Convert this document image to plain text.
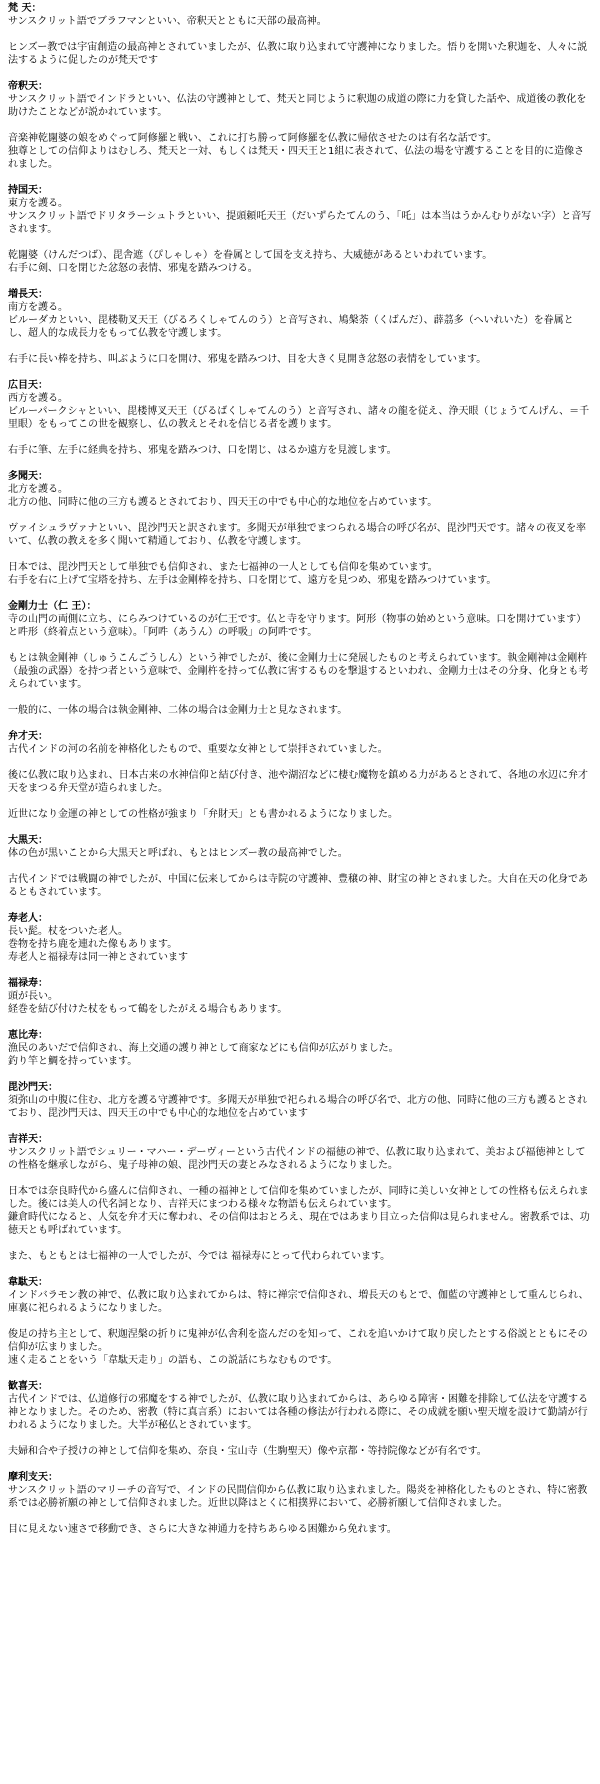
梵 天：
サンスクリット語でブラフマンといい、帝釈天とともに天部の最高神。
ヒンズー教では宇宙創造の最高神とされていましたが、仏教に取り込まれて守護神になりました。悟りを開いた釈迦を、人々に説法するように促したのが梵天です
帝釈天：
サンスクリット語でインドラといい、仏法の守護神として、梵天と同じように釈迦の成道の際に力を貸した話や、成道後の教化を助けたことなどが説かれています。
音楽神乾闥婆の娘をめぐって阿修羅と戦い、これに打ち勝って阿修羅を仏教に帰依させたのは有名な話です。
独尊としての信仰よりはむしろ、梵天と一対、もしくは梵天・四天王と1組に表されて、仏法の場を守護することを目的に造像されました。
持国天：
東方を護る。
サンスクリット語でドリタラーシュトラといい、提頭頼吒天王（だいずらたてんのう、「吒」は本当はうかんむりがない字）と音写されます。
乾闥婆（けんだつば）、毘舎遮（ぴしゃしゃ）を眷属として国を支え持ち、大威徳があるといわれています。
右手に剣、口を閉じた忿怒の表情、邪鬼を踏みつける。
増長天：
南方を護る。
ビルーダカといい、毘楼勒叉天王（びるろくしゃてんのう）と音写され、鳩槃荼（くばんだ）、薜茘多（へいれいた）を眷属とし、超人的な成長力をもって仏教を守護します。
右手に長い棒を持ち、叫ぶように口を開け、邪鬼を踏みつけ、目を大きく見開き忿怒の表情をしています。
広目天：
西方を護る。
ビルーパークシャといい、毘楼博叉天王（びるばくしゃてんのう）と音写され、諸々の龍を従え、浄天眼（じょうてんげん、＝千里眼）をもってこの世を観察し、仏の教えとそれを信じる者を護ります。
右手に筆、左手に経典を持ち、邪鬼を踏みつけ、口を閉じ、はるか遠方を見渡します。
多聞天：
北方を護る。
北方の他、同時に他の三方も護るとされており、四天王の中でも中心的な地位を占めています。
ヴァイシュラヴァナといい、毘沙門天と訳されます。多聞天が単独でまつられる場合の呼び名が、毘沙門天です。諸々の夜叉を率いて、仏教の教えを多く聞いて精通しており、仏教を守護します。
日本では、毘沙門天として単独でも信仰され、また七福神の一人としても信仰を集めています。
右手を右に上げて宝塔を持ち、左手は金剛棒を持ち、口を閉じて、遠方を見つめ、邪鬼を踏みつけています。
金剛力士（仁 王）：
寺の山門の両側に立ち、にらみつけているのが仁王です。仏と寺を守ります。阿形（物事の始めという意味。口を開けています）と吽形（終着点という意味）。「阿吽（あうん）の呼吸」の阿吽です。
もとは執金剛神（しゅうこんごうしん）という神でしたが、後に金剛力士に発展したものと考えられています。執金剛神は金剛杵（最強の武器）を持つ者という意味で、金剛杵を持って仏教に害するものを撃退するといわれ、金剛力士はその分身、化身とも考えられています。
一般的に、一体の場合は執金剛神、二体の場合は金剛力士と見なされます。
弁才天：
古代インドの河の名前を神格化したもので、重要な女神として崇拝されていました。
後に仏教に取り込まれ、日本古来の水神信仰と結び付き、池や湖沼などに棲む魔物を鎮める力があるとされて、各地の水辺に弁才天をまつる弁天堂が造られました。
近世になり金運の神としての性格が強まり「弁財天」とも書かれるようになりました。
大黒天：
体の色が黒いことから大黒天と呼ばれ、もとはヒンズー教の最高神でした。
古代インドでは戦闘の神でしたが、中国に伝来してからは寺院の守護神、豊穣の神、財宝の神とされました。大自在天の化身であるともされています。
寿老人：
長い髭。杖をついた老人。
巻物を持ち鹿を連れた像もあります。
寿老人と福禄寿は同一神とされています
福禄寿：
頭が長い。
経巻を結び付けた杖をもって鶴をしたがえる場合もあります。
恵比寿：
漁民のあいだで信仰され、海上交通の護り神として商家などにも信仰が広がりました。
釣り竿と鯛を持っています。
毘沙門天：
須弥山の中腹に住む、北方を護る守護神です。多聞天が単独で祀られる場合の呼び名で、北方の他、同時に他の三方も護るとされており、毘沙門天は、四天王の中でも中心的な地位を占めています
吉祥天：
サンスクリット語でシュリー・マハー・デーヴィーという古代インドの福徳の神で、仏教に取り込まれて、美および福徳神としての性格を継承しながら、鬼子母神の娘、毘沙門天の妻とみなされるようになりました。
日本では奈良時代から盛んに信仰され、一種の福神として信仰を集めていましたが、同時に美しい女神としての性格も伝えられました。後には美人の代名詞となり、吉祥天にまつわる様々な物語も伝えられています。
鎌倉時代になると、人気を弁才天に奪われ、その信仰はおとろえ、現在ではあまり目立った信仰は見られません。密教系では、功徳天とも呼ばれています。
また、もともとは七福神の一人でしたが、今では 福禄寿にとって代わられています。
韋駄天：
インドバラモン教の神で、仏教に取り込まれてからは、特に禅宗で信仰され、増長天のもとで、伽藍の守護神として重んじられ、庫裏に祀られるようになりました。
俊足の持ち主として、釈迦涅槃の折りに鬼神が仏舎利を盗んだのを知って、これを追いかけて取り戻したとする俗説とともにその信仰が広まりました。
速く走ることをいう「韋駄天走り」の語も、この説話にちなむものです。
歓喜天：
古代インドでは、仏道修行の邪魔をする神でしたが、仏教に取り込まれてからは、あらゆる障害・困難を排除して仏法を守護する神となりました。そのため、密教（特に真言系）においては各種の修法が行われる際に、その成就を願い聖天壇を設けて勤請が行われるようになりました。大半が秘仏とされています。
夫婦和合や子授けの神として信仰を集め、奈良・宝山寺（生駒聖天）像や京都・等持院像などが有名です。
摩利支天：
サンスクリット語のマリーチの音写で、インドの民間信仰から仏教に取り込まれました。陽炎を神格化したものとされ、特に密教系では必勝祈願の神として信仰されました。近世以降はとくに相撲界において、必勝祈願して信仰されました。
目に見えない速さで移動でき、さらに大きな神通力を持ちあらゆる困難から免れます。
